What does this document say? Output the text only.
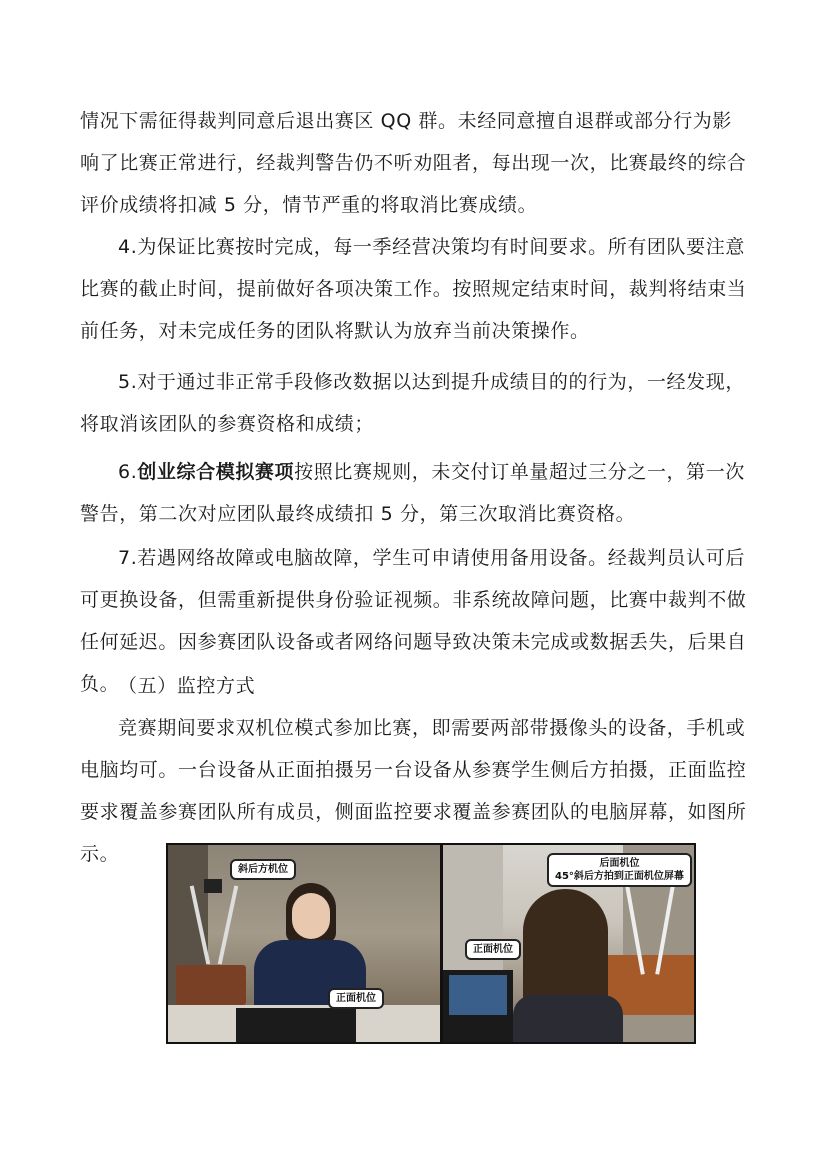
情况下需征得裁判同意后退出赛区 QQ 群。未经同意擅自退群或部分行为影响了比赛正常进行，经裁判警告仍不听劝阻者，每出现一次，比赛最终的综合评价成绩将扣减 5 分，情节严重的将取消比赛成绩。

4.为保证比赛按时完成，每一季经营决策均有时间要求。所有团队要注意比赛的截止时间，提前做好各项决策工作。按照规定结束时间，裁判将结束当前任务，对未完成任务的团队将默认为放弃当前决策操作。

5.对于通过非正常手段修改数据以达到提升成绩目的的行为，一经发现，将取消该团队的参赛资格和成绩；

6.创业综合模拟赛项按照比赛规则，未交付订单量超过三分之一，第一次警告，第二次对应团队最终成绩扣 5 分，第三次取消比赛资格。

7.若遇网络故障或电脑故障，学生可申请使用备用设备。经裁判员认可后可更换设备，但需重新提供身份验证视频。非系统故障问题，比赛中裁判不做任何延迟。因参赛团队设备或者网络问题导致决策未完成或数据丢失，后果自负。

（五）监控方式

竞赛期间要求双机位模式参加比赛，即需要两部带摄像头的设备，手机或电脑均可。一台设备从正面拍摄另一台设备从参赛学生侧后方拍摄，正面监控要求覆盖参赛团队所有成员，侧面监控要求覆盖参赛团队的电脑屏幕，如图所示。

斜后方机位
正面机位
后面机位
45°斜后方拍到正面机位屏幕
正面机位
